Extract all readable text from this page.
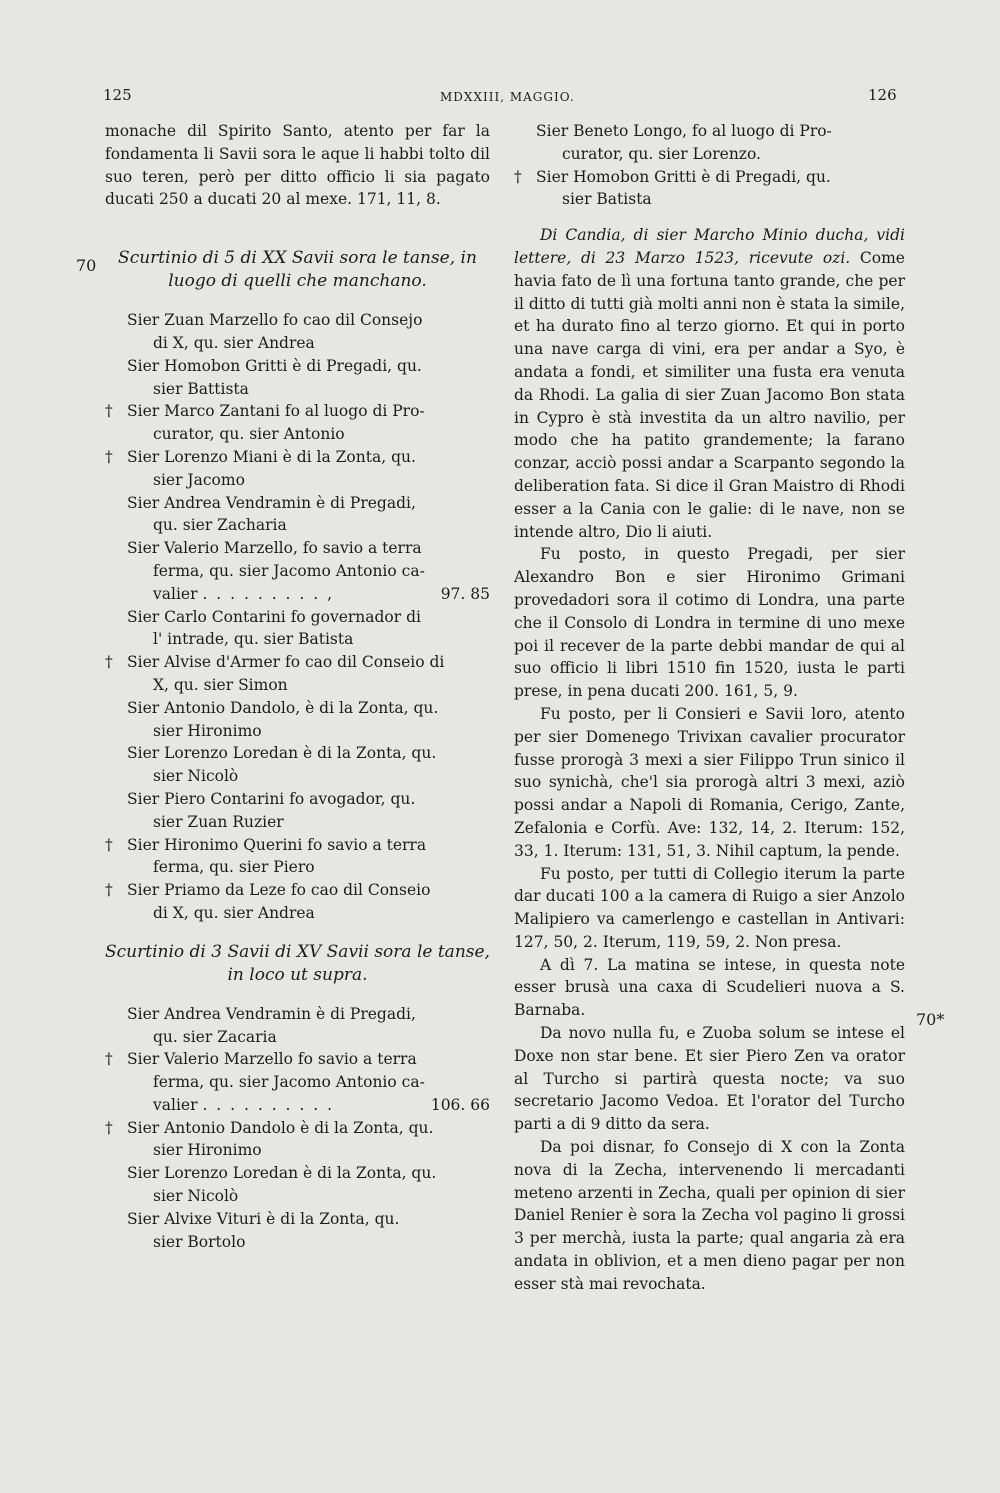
125	MDXXIII, MAGGIO.	126
70
70*

monache dil Spirito Santo, atento per far la fondamenta li Savii sora le aque li habbi tolto dil suo teren, però per ditto officio li sia pagato ducati 250 a ducati 20 al mexe. 171, 11, 8.

Scurtinio di 5 di XX Savii sora le tanse, in luogo di quelli che manchano.

Sier Zuan Marzello fo cao dil Consejo
di X, qu. sier Andrea
Sier Homobon Gritti è di Pregadi, qu.
sier Battista
† Sier Marco Zantani fo al luogo di Pro-
curator, qu. sier Antonio
† Sier Lorenzo Miani è di la Zonta, qu.
sier Jacomo
Sier Andrea Vendramin è di Pregadi,
qu. sier Zacharia
Sier Valerio Marzello, fo savio a terra
ferma, qu. sier Jacomo Antonio ca-
valier . . . . . . . . . ,	97. 85
Sier Carlo Contarini fo governador di
l' intrade, qu. sier Batista
† Sier Alvise d'Armer fo cao dil Conseio di
X, qu. sier Simon
Sier Antonio Dandolo, è di la Zonta, qu.
sier Hironimo
Sier Lorenzo Loredan è di la Zonta, qu.
sier Nicolò
Sier Piero Contarini fo avogador, qu.
sier Zuan Ruzier
† Sier Hironimo Querini fo savio a terra
ferma, qu. sier Piero
† Sier Priamo da Leze fo cao dil Conseio
di X, qu. sier Andrea

Scurtinio di 3 Savii di XV Savii sora le tanse, in loco ut supra.

Sier Andrea Vendramin è di Pregadi,
qu. sier Zacaria
† Sier Valerio Marzello fo savio a terra
ferma, qu. sier Jacomo Antonio ca-
valier . . . . . . . . . .	106. 66
† Sier Antonio Dandolo è di la Zonta, qu.
sier Hironimo
Sier Lorenzo Loredan è di la Zonta, qu.
sier Nicolò
Sier Alvixe Vituri è di la Zonta, qu.
sier Bortolo
Sier Beneto Longo, fo al luogo di Pro-
curator, qu. sier Lorenzo.
† Sier Homobon Gritti è di Pregadi, qu.
sier Batista

Di Candia, di sier Marcho Minio ducha, vidi lettere, di 23 Marzo 1523, ricevute ozi. Come havia fato de lì una fortuna tanto grande, che per il ditto di tutti già molti anni non è stata la simile, et ha durato fino al terzo giorno. Et qui in porto una nave carga di vini, era per andar a Syo, è andata a fondi, et similiter una fusta era venuta da Rhodi. La galia di sier Zuan Jacomo Bon stata in Cypro è stà investita da un altro navilio, per modo che ha patito grandemente; la farano conzar, acciò possi andar a Scarpanto segondo la deliberation fata. Si dice il Gran Maistro di Rhodi esser a la Cania con le galie: di le nave, non se intende altro, Dio li aiuti.

Fu posto, in questo Pregadi, per sier Alexandro Bon e sier Hironimo Grimani provedadori sora il cotimo di Londra, una parte che il Consolo di Londra in termine di uno mexe poi il recever de la parte debbi mandar de qui al suo officio li libri 1510 fin 1520, iusta le parti prese, in pena ducati 200. 161, 5, 9.

Fu posto, per li Consieri e Savii loro, atento per sier Domenego Trivixan cavalier procurator fusse prorogà 3 mexi a sier Filippo Trun sinico il suo synichà, che'l sia prorogà altri 3 mexi, aziò possi andar a Napoli di Romania, Cerigo, Zante, Zefalonia e Corfù. Ave: 132, 14, 2. Iterum: 152, 33, 1. Iterum: 131, 51, 3. Nihil captum, la pende.

Fu posto, per tutti di Collegio iterum la parte dar ducati 100 a la camera di Ruigo a sier Anzolo Malipiero va camerlengo e castellan in Antivari: 127, 50, 2. Iterum, 119, 59, 2. Non presa.

A dì 7. La matina se intese, in questa note esser brusà una caxa di Scudelieri nuova a S. Barnaba.

Da novo nulla fu, e Zuoba solum se intese el Doxe non star bene. Et sier Piero Zen va orator al Turcho si partirà questa nocte; va suo secretario Jacomo Vedoa. Et l'orator del Turcho parti a di 9 ditto da sera.

Da poi disnar, fo Consejo di X con la Zonta nova di la Zecha, intervenendo li mercadanti meteno arzenti in Zecha, quali per opinion di sier Daniel Renier è sora la Zecha vol pagino li grossi 3 per merchà, iusta la parte; qual angaria zà era andata in oblivion, et a men dieno pagar per non esser stà mai revochata.
